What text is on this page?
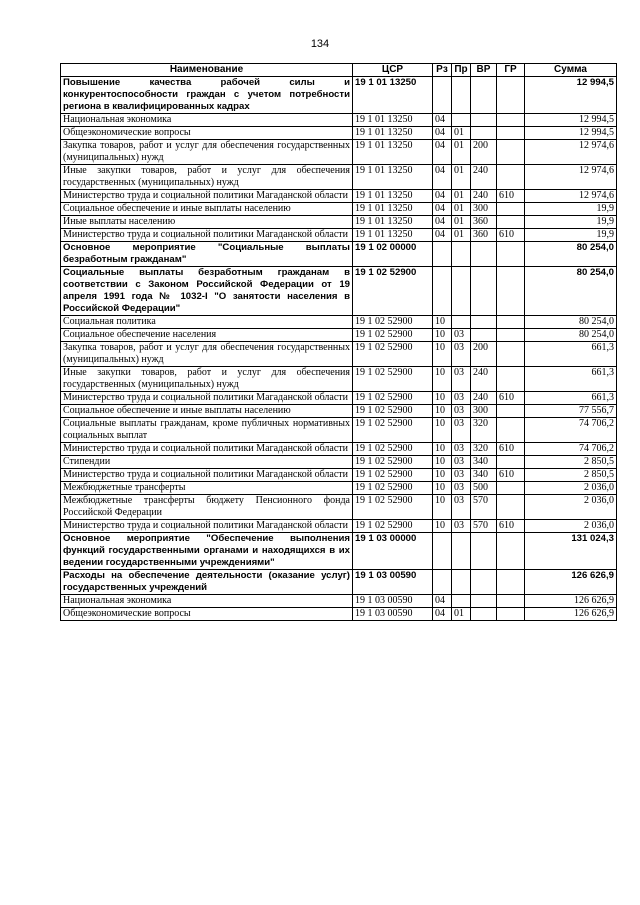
134
Наименование	ЦСР	Рз	Пр	ВР	ГР	Сумма
Повышение качества рабочей силы и конкурентоспособности граждан с учетом потребности региона в квалифицированных кадрах	19 1 01 13250					12 994,5
Национальная экономика	19 1 01 13250	04				12 994,5
Общеэкономические вопросы	19 1 01 13250	04	01			12 994,5
Закупка товаров, работ и услуг для обеспечения государственных (муниципальных) нужд	19 1 01 13250	04	01	200		12 974,6
Иные закупки товаров, работ и услуг для обеспечения государственных (муниципальных) нужд	19 1 01 13250	04	01	240		12 974,6
Министерство труда и социальной политики Магаданской области	19 1 01 13250	04	01	240	610	12 974,6
Социальное обеспечение и иные выплаты населению	19 1 01 13250	04	01	300		19,9
Иные выплаты населению	19 1 01 13250	04	01	360		19,9
Министерство труда и социальной политики Магаданской области	19 1 01 13250	04	01	360	610	19,9
Основное мероприятие "Социальные выплаты безработным гражданам"	19 1 02 00000					80 254,0
Социальные выплаты безработным гражданам в соответствии с Законом Российской Федерации от 19 апреля 1991 года № 1032-I "О занятости населения в Российской Федерации"	19 1 02 52900					80 254,0
Социальная политика	19 1 02 52900	10				80 254,0
Социальное обеспечение населения	19 1 02 52900	10	03			80 254,0
Закупка товаров, работ и услуг для обеспечения государственных (муниципальных) нужд	19 1 02 52900	10	03	200		661,3
Иные закупки товаров, работ и услуг для обеспечения государственных (муниципальных) нужд	19 1 02 52900	10	03	240		661,3
Министерство труда и социальной политики Магаданской области	19 1 02 52900	10	03	240	610	661,3
Социальное обеспечение и иные выплаты населению	19 1 02 52900	10	03	300		77 556,7
Социальные выплаты гражданам, кроме публичных нормативных социальных выплат	19 1 02 52900	10	03	320		74 706,2
Министерство труда и социальной политики Магаданской области	19 1 02 52900	10	03	320	610	74 706,2
Стипендии	19 1 02 52900	10	03	340		2 850,5
Министерство труда и социальной политики Магаданской области	19 1 02 52900	10	03	340	610	2 850,5
Межбюджетные трансферты	19 1 02 52900	10	03	500		2 036,0
Межбюджетные трансферты бюджету Пенсионного фонда Российской Федерации	19 1 02 52900	10	03	570		2 036,0
Министерство труда и социальной политики Магаданской области	19 1 02 52900	10	03	570	610	2 036,0
Основное мероприятие "Обеспечение выполнения функций государственными органами и находящихся в их ведении государственными учреждениями"	19 1 03 00000					131 024,3
Расходы на обеспечение деятельности (оказание услуг) государственных учреждений	19 1 03 00590					126 626,9
Национальная экономика	19 1 03 00590	04				126 626,9
Общеэкономические вопросы	19 1 03 00590	04	01			126 626,9
